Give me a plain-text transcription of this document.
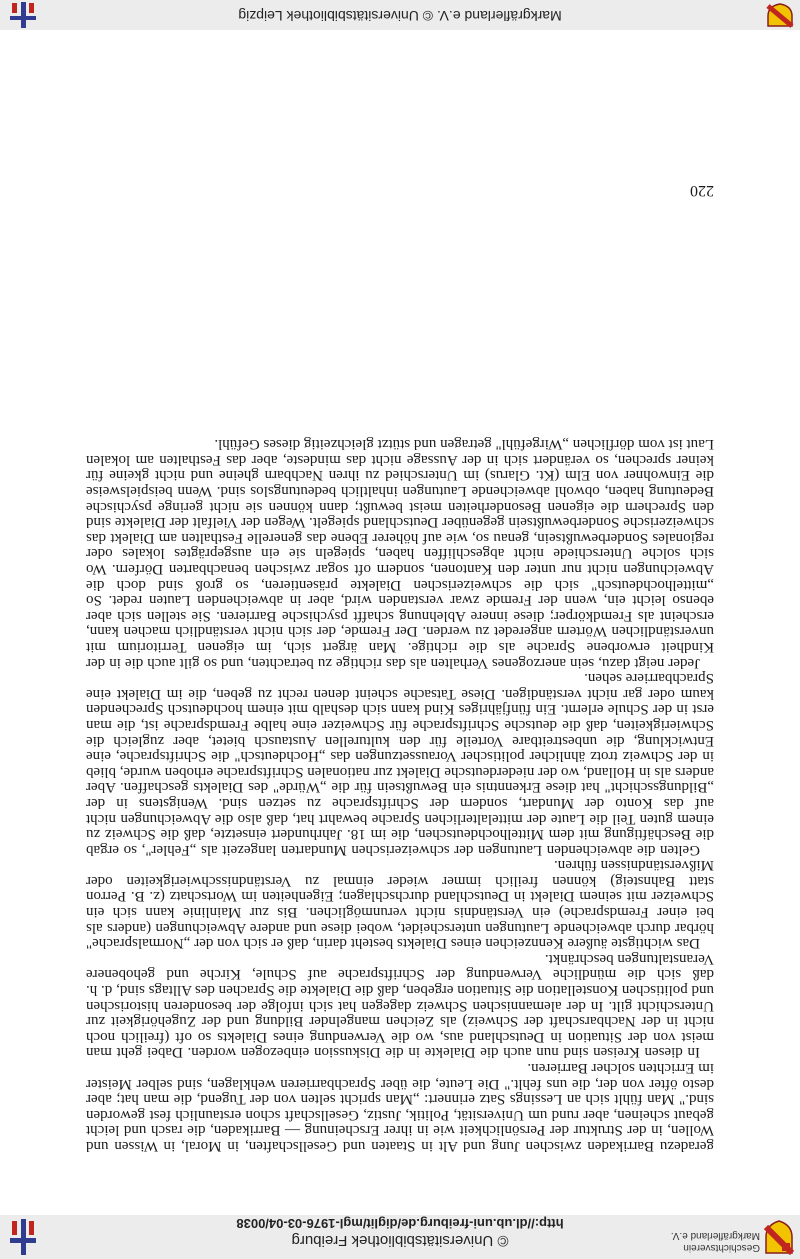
Geschichtsverein Markgräflerland e.V.
© Universitätsbibliothek Freiburg
http://dl.ub.uni-freiburg.de/diglit/mgl-1976-03-04/0038

geradezu Barrikaden zwischen Jung und Alt in Staaten und Gesellschaften, in Moral, in Wissen und Wollen, in der Struktur der Persönlichkeit wie in ihrer Erscheinung — Barrikaden, die rasch und leicht gebaut scheinen, aber rund um Universität, Politik, Justiz, Gesellschaft schon erstaunlich fest geworden sind." Man fühlt sich an Lessings Satz erinnert: „Man spricht selten von der Tugend, die man hat; aber desto öfter von der, die uns fehlt." Die Leute, die über Sprachbarrieren wehklagen, sind selber Meister im Errichten solcher Barrieren.

In diesen Kreisen sind nun auch die Dialekte in die Diskussion einbezogen worden. Dabei geht man meist von der Situation in Deutschland aus, wo die Verwendung eines Dialekts so oft (freilich noch nicht in der Nachbarschaft der Schweiz) als Zeichen mangelnder Bildung und der Zugehörigkeit zur Unterschicht gilt. In der alemannischen Schweiz dagegen hat sich infolge der besonderen historischen und politischen Konstellation die Situation ergeben, daß die Dialekte die Sprachen des Alltags sind, d. h. daß sich die mündliche Verwendung der Schriftsprache auf Schule, Kirche und gehobenere Veranstaltungen beschränkt.

Das wichtigste äußere Kennzeichen eines Dialekts besteht darin, daß er sich von der „Normalsprache" hörbar durch abweichende Lautungen unterscheidet, wobei diese und andere Abweichungen (anders als bei einer Fremdsprache) ein Verständnis nicht verunmöglichen. Bis zur Mainlinie kann sich ein Schweizer mit seinem Dialekt in Deutschland durchschlagen; Eigenheiten im Wortschatz (z. B. Perron statt Bahnsteig) können freilich immer wieder einmal zu Verständnisschwierigkeiten oder Mißverständnissen führen.

Gelten die abweichenden Lautungen der schweizerischen Mundarten langezeit als „Fehler", so ergab die Beschäftigung mit dem Mittelhochdeutschen, die im 18. Jahrhundert einsetzte, daß die Schweiz zu einem guten Teil die Laute der mittelalterlichen Sprache bewahrt hat, daß also die Abweichungen nicht auf das Konto der Mundart, sondern der Schriftsprache zu setzen sind. Wenigstens in der „Bildungsschicht" hat diese Erkenntnis ein Bewußtsein für die „Würde" des Dialekts geschaffen. Aber anders als in Holland, wo der niederdeutsche Dialekt zur nationalen Schriftsprache erhoben wurde, blieb in der Schweiz trotz ähnlicher politischer Voraussetzungen das „Hochdeutsch" die Schriftsprache, eine Entwicklung, die unbestreitbare Vorteile für den kulturellen Austausch bietet, aber zugleich die Schwierigkeiten, daß die deutsche Schriftsprache für Schweizer eine halbe Fremdsprache ist, die man erst in der Schule erlernt. Ein fünfjähriges Kind kann sich deshalb mit einem hochdeutsch Sprechenden kaum oder gar nicht verständigen. Diese Tatsache scheint denen recht zu geben, die im Dialekt eine Sprachbarriere sehen.

Jeder neigt dazu, sein anerzogenes Verhalten als das richtige zu betrachten, und so gilt auch die in der Kindheit erworbene Sprache als die richtige. Man ärgert sich, im eigenen Territorium mit unverständlichen Wörtern angeredet zu werden. Der Fremde, der sich nicht verständlich machen kann, erscheint als Fremdkörper; diese innere Ablehnung schafft psychische Barrieren. Sie stellen sich aber ebenso leicht ein, wenn der Fremde zwar verstanden wird, aber in abweichenden Lauten redet. So „mittelhochdeutsch" sich die schweizerischen Dialekte präsentieren, so groß sind doch die Abweichungen nicht nur unter den Kantonen, sondern oft sogar zwischen benachbarten Dörfern. Wo sich solche Unterschiede nicht abgeschliffen haben, spiegeln sie ein ausgeprägtes lokales oder regionales Sonderbewußtsein, genau so, wie auf höherer Ebene das generelle Festhalten am Dialekt das schweizerische Sonderbewußtsein gegenüber Deutschland spiegelt. Wegen der Vielfalt der Dialekte sind den Sprechern die eigenen Besonderheiten meist bewußt; dann können sie nicht geringe psychische Bedeutung haben, obwohl abweichende Lautungen inhaltlich bedeutungslos sind. Wenn beispielsweise die Einwohner von Elm (Kt. Glarus) im Unterschied zu ihren Nachbarn gheine und nicht gkeine für keiner sprechen, so verändert sich in der Aussage nicht das mindeste, aber das Festhalten am lokalen Laut ist vom dörflichen „Wirgefühl" getragen und stützt gleichzeitig dieses Gefühl.

220
Markgräflerland e.V. © Universitätsbibliothek Leipzig
